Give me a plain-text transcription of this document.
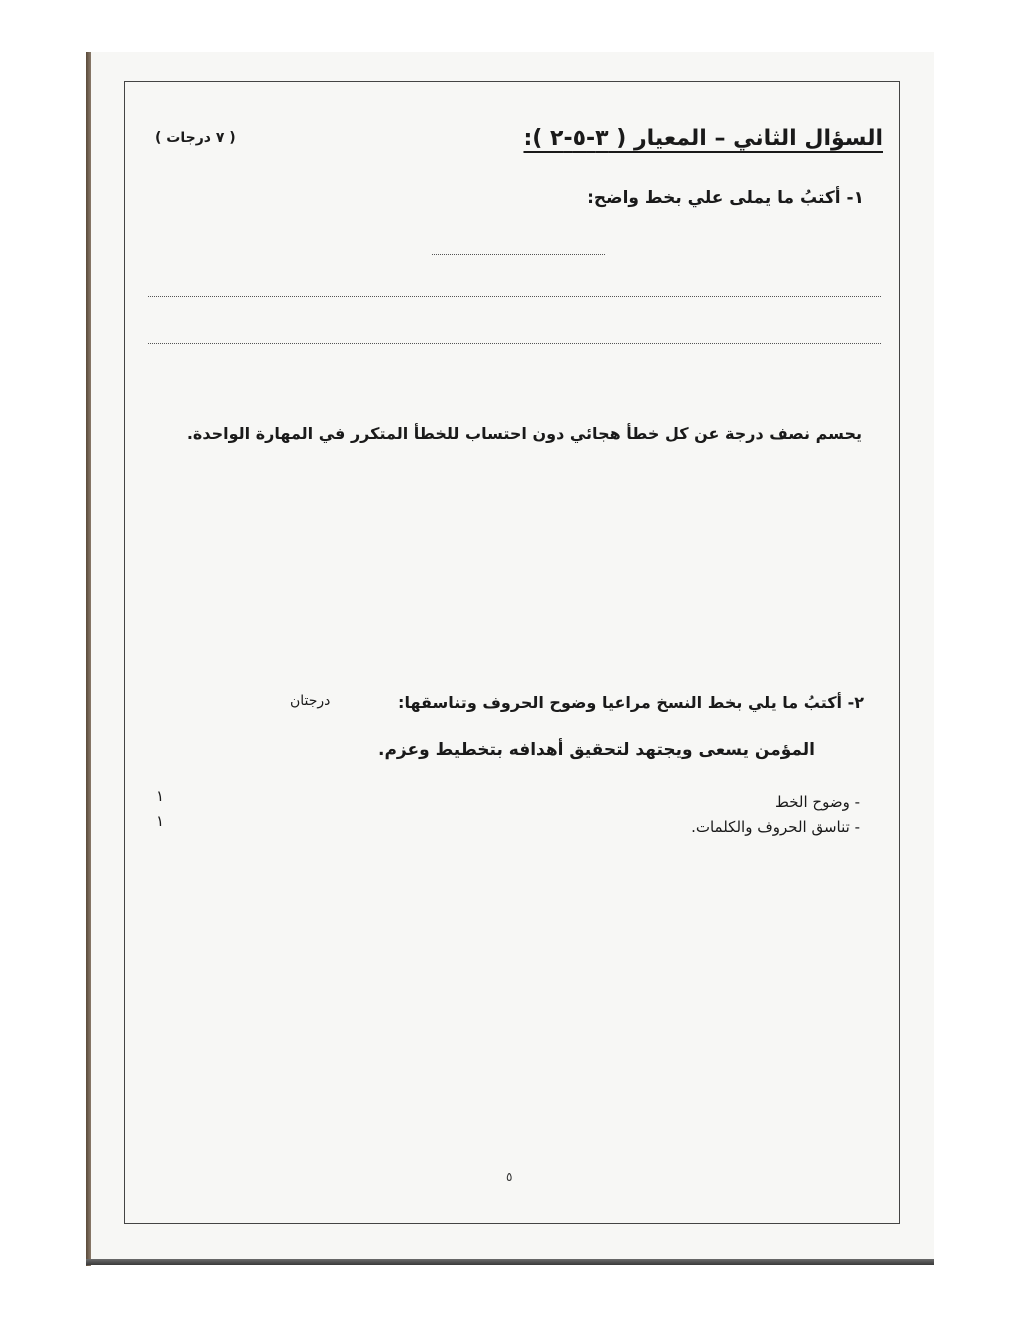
السؤال الثاني – المعيار ( ٣-٥-٢ ):
( ٧ درجات )
١- أكتبُ ما يملى علي بخط واضح:
يحسم نصف درجة عن كل خطأ هجائي دون احتساب للخطأ المتكرر في المهارة الواحدة.
٢- أكتبُ ما يلي بخط النسخ مراعيا وضوح الحروف وتناسقها:
درجتان
المؤمن يسعى ويجتهد لتحقيق أهدافه بتخطيط وعزم.
- وضوح الخط
١
- تناسق الحروف والكلمات.
١
٥
